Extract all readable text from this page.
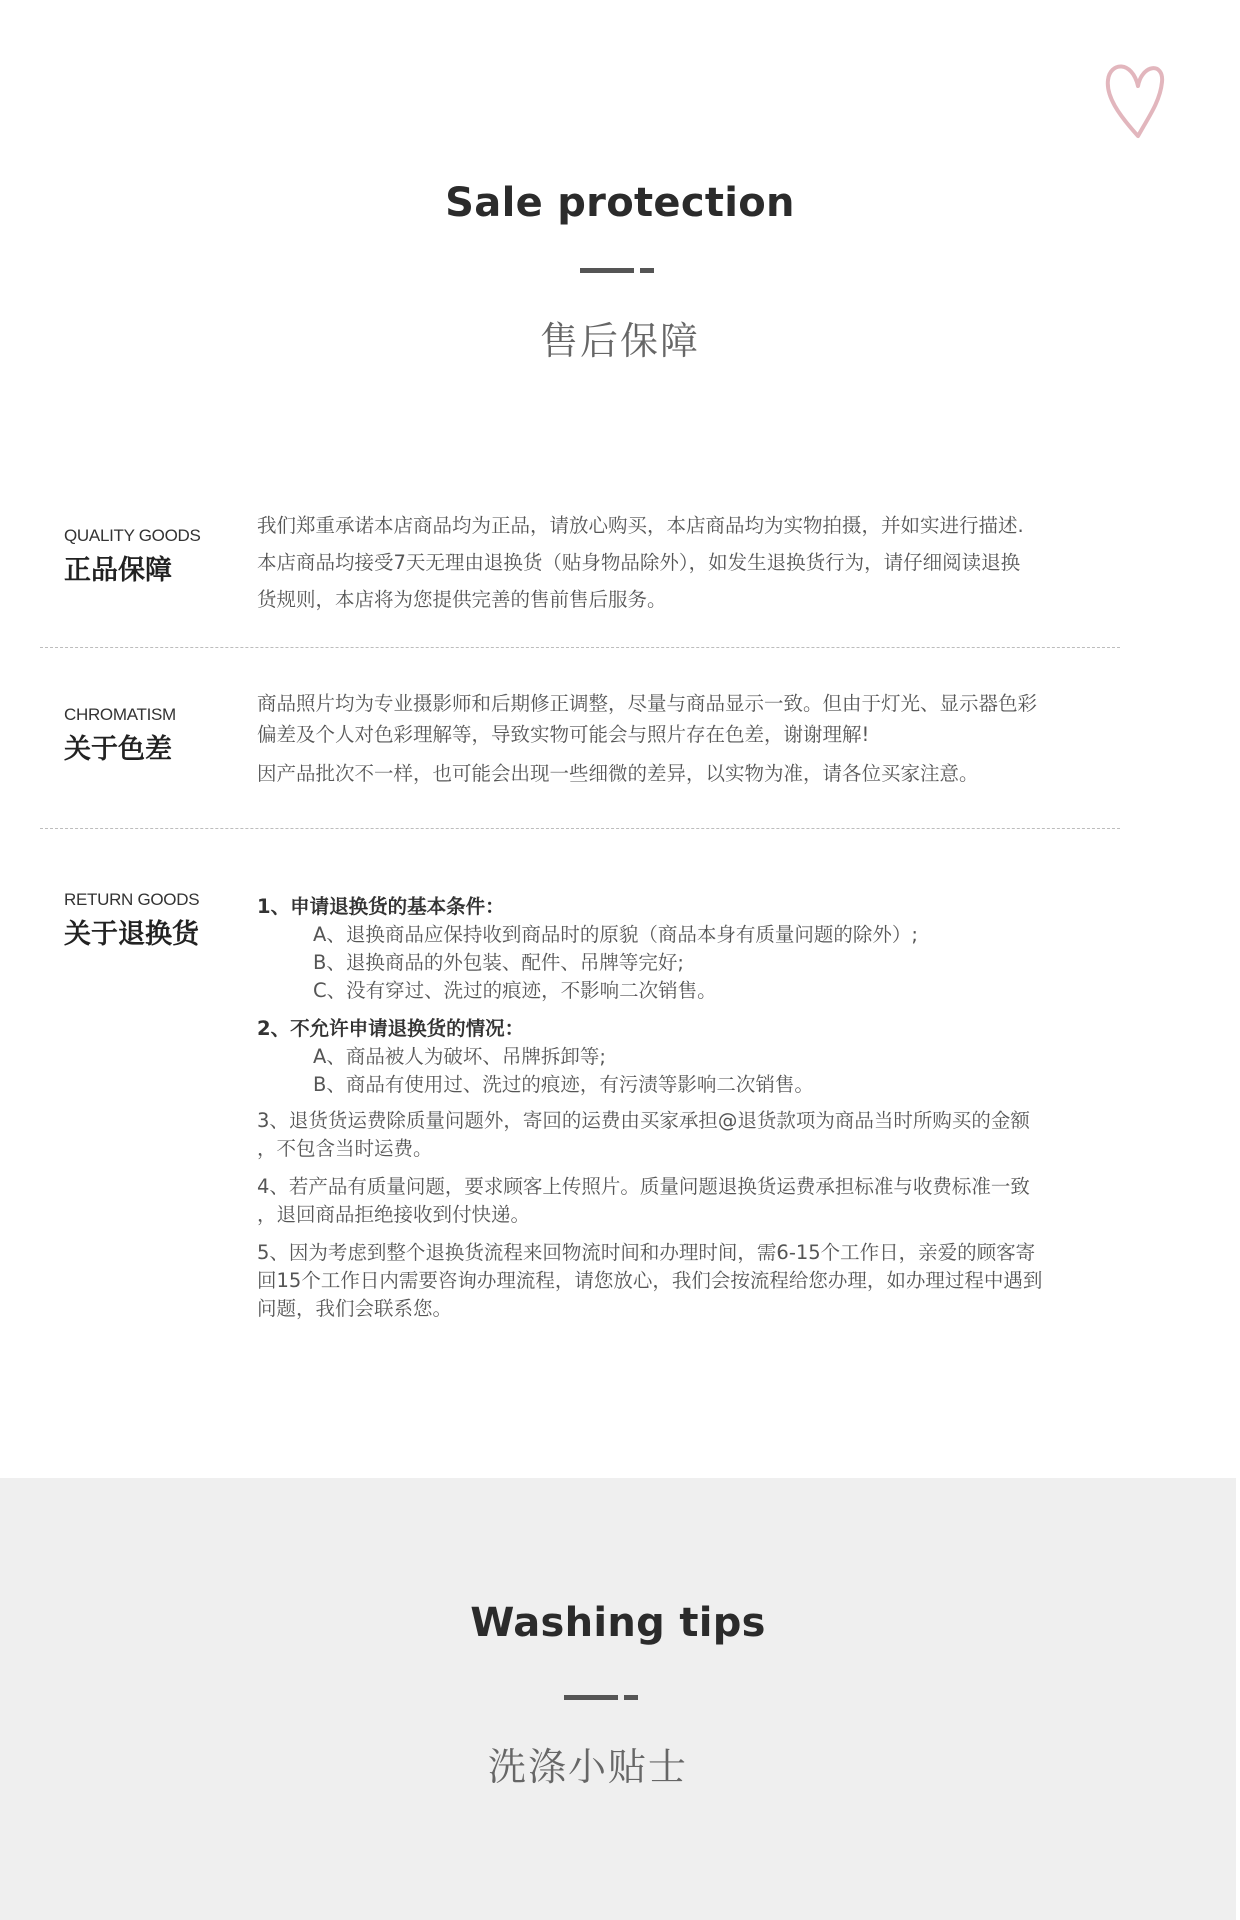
Sale protection
售后保障
QUALITY GOODS
正品保障

我们郑重承诺本店商品均为正品，请放心购买，本店商品均为实物拍摄，并如实进行描述.

本店商品均接受7天无理由退换货（贴身物品除外），如发生退换货行为，请仔细阅读退换

货规则，本店将为您提供完善的售前售后服务。

CHROMATISM
关于色差

商品照片均为专业摄影师和后期修正调整，尽量与商品显示一致。但由于灯光、显示器色彩

偏差及个人对色彩理解等，导致实物可能会与照片存在色差，谢谢理解!

因产品批次不一样，也可能会出现一些细微的差异，以实物为准，请各位买家注意。

RETURN GOODS
关于退换货
1、申请退换货的基本条件：
A、退换商品应保持收到商品时的原貌（商品本身有质量问题的除外）;
B、退换商品的外包装、配件、吊牌等完好;
C、没有穿过、洗过的痕迹，不影响二次销售。
2、不允许申请退换货的情况：
A、商品被人为破坏、吊牌拆卸等;
B、商品有使用过、洗过的痕迹，有污渍等影响二次销售。
3、退货货运费除质量问题外，寄回的运费由买家承担@退货款项为商品当时所购买的金额
，不包含当时运费。
4、若产品有质量问题，要求顾客上传照片。质量问题退换货运费承担标准与收费标准一致
，退回商品拒绝接收到付快递。
5、因为考虑到整个退换货流程来回物流时间和办理时间，需6-15个工作日，亲爱的顾客寄
回15个工作日内需要咨询办理流程，请您放心，我们会按流程给您办理，如办理过程中遇到
问题，我们会联系您。
Washing tips
洗涤小贴士
